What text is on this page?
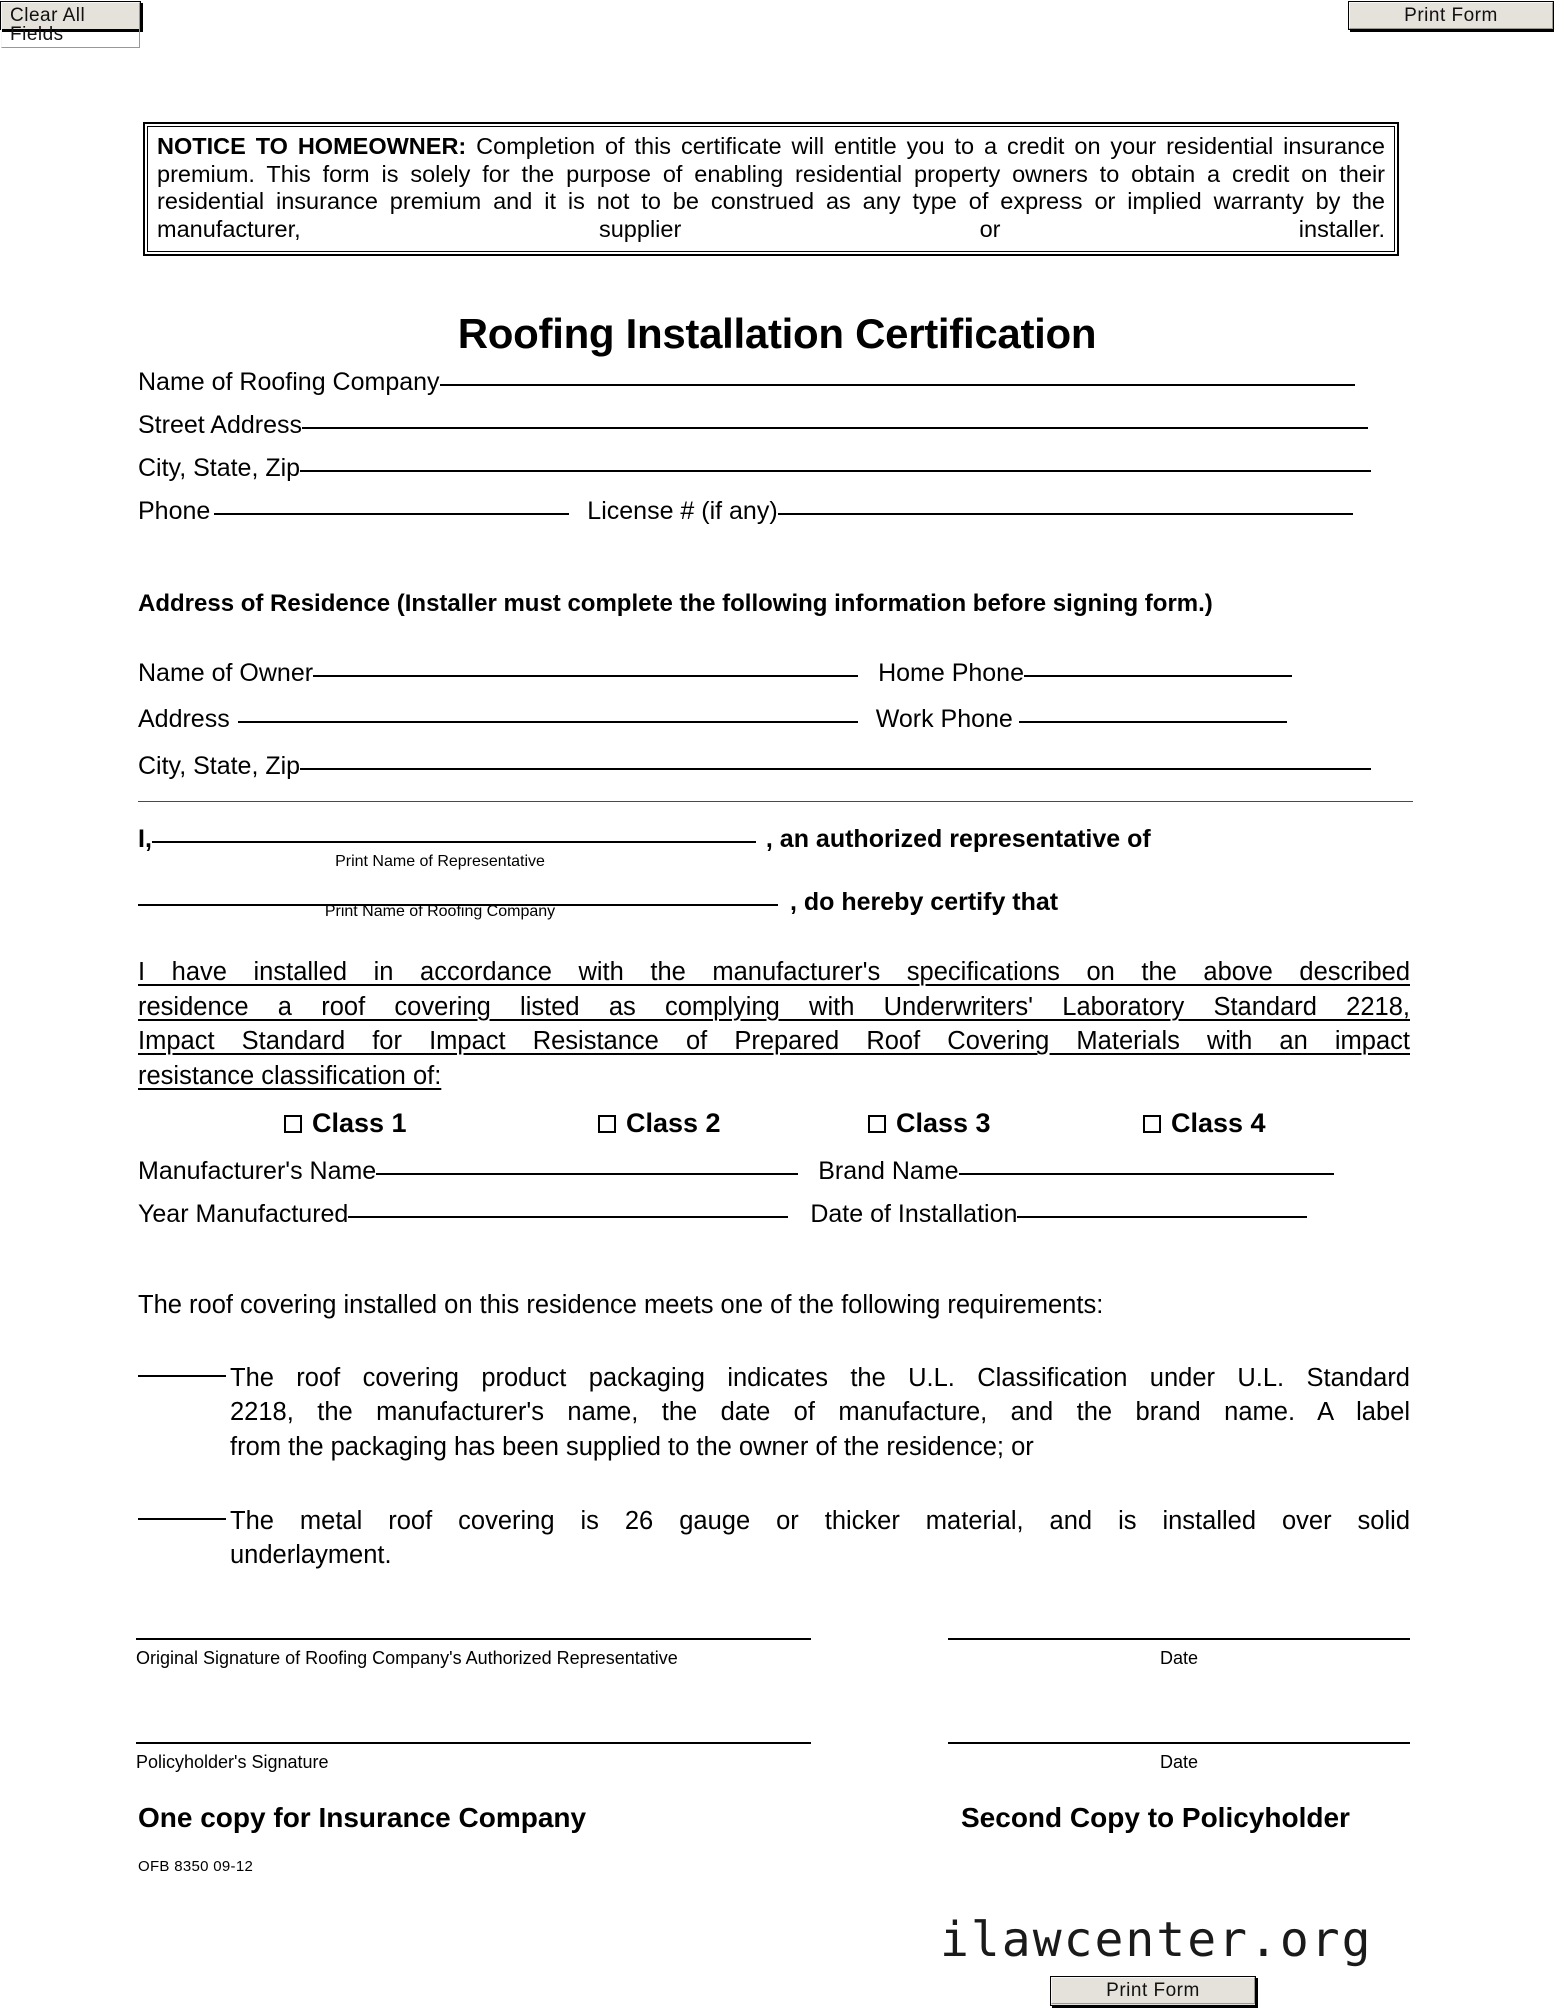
Clear All Fields
Print Form
NOTICE TO HOMEOWNER: Completion of this certificate will entitle you to a credit on your residential insurance premium. This form is solely for the purpose of enabling residential property owners to obtain a credit on their residential insurance premium and it is not to be construed as any type of express or implied warranty by the manufacturer, supplier or installer.
Roofing Installation Certification
Name of Roofing Company
Street Address
City, State, Zip
Phone	License # (if any)
Address of Residence (Installer must complete the following information before signing form.)
Name of Owner	Home Phone
Address	Work Phone
City, State, Zip
I,	, an authorized representative of
Print Name of Representative
, do hereby certify that
Print Name of Roofing Company
I have installed in accordance with the manufacturer's specifications on the above described
residence a roof covering listed as complying with Underwriters' Laboratory Standard 2218,
Impact Standard for Impact Resistance of Prepared Roof Covering Materials with an impact
resistance classification of:
Class 1	Class 2	Class 3	Class 4
Manufacturer's Name	Brand Name
Year Manufactured	Date of Installation
The roof covering installed on this residence meets one of the following requirements:
The roof covering product packaging indicates the U.L. Classification under U.L. Standard
2218, the manufacturer's name, the date of manufacture, and the brand name. A label
from the packaging has been supplied to the owner of the residence; or
The metal roof covering is 26 gauge or thicker material, and is installed over solid
underlayment.
Original Signature of Roofing Company's Authorized Representative	Date
Policyholder's Signature	Date
One copy for Insurance Company	Second Copy to Policyholder
OFB 8350 09-12
ilawcenter.org
Print Form
